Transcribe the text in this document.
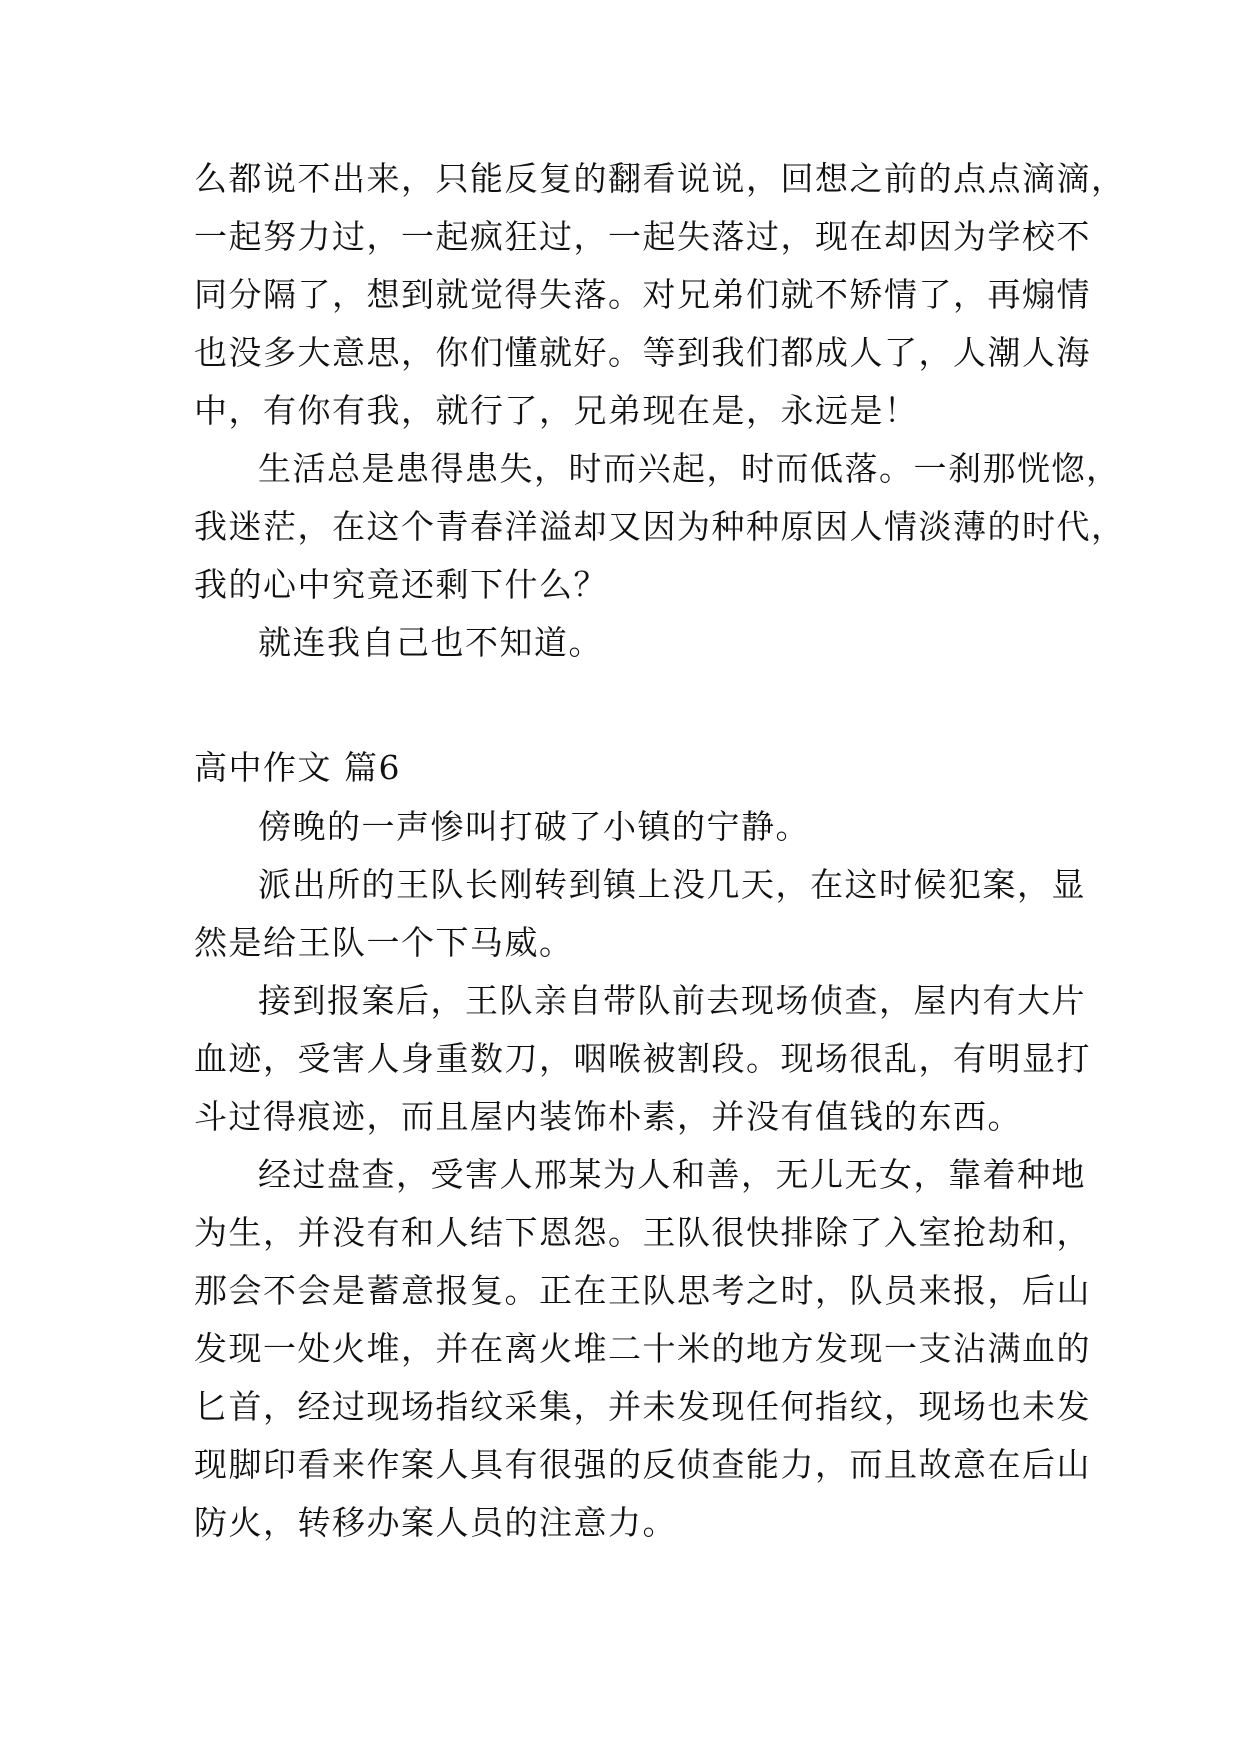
么都说不出来，只能反复的翻看说说，回想之前的点点滴滴，
一起努力过，一起疯狂过，一起失落过，现在却因为学校不
同分隔了，想到就觉得失落。对兄弟们就不矫情了，再煽情
也没多大意思，你们懂就好。等到我们都成人了，人潮人海
中，有你有我，就行了，兄弟现在是，永远是！
生活总是患得患失，时而兴起，时而低落。一刹那恍惚，
我迷茫，在这个青春洋溢却又因为种种原因人情淡薄的时代，
我的心中究竟还剩下什么？
就连我自己也不知道。
高中作文 篇6
傍晚的一声惨叫打破了小镇的宁静。
派出所的王队长刚转到镇上没几天，在这时候犯案，显
然是给王队一个下马威。
接到报案后，王队亲自带队前去现场侦查，屋内有大片
血迹，受害人身重数刀，咽喉被割段。现场很乱，有明显打
斗过得痕迹，而且屋内装饰朴素，并没有值钱的东西。
经过盘查，受害人邢某为人和善，无儿无女，靠着种地
为生，并没有和人结下恩怨。王队很快排除了入室抢劫和，
那会不会是蓄意报复。正在王队思考之时，队员来报，后山
发现一处火堆，并在离火堆二十米的地方发现一支沾满血的
匕首，经过现场指纹采集，并未发现任何指纹，现场也未发
现脚印看来作案人具有很强的反侦查能力，而且故意在后山
防火，转移办案人员的注意力。
